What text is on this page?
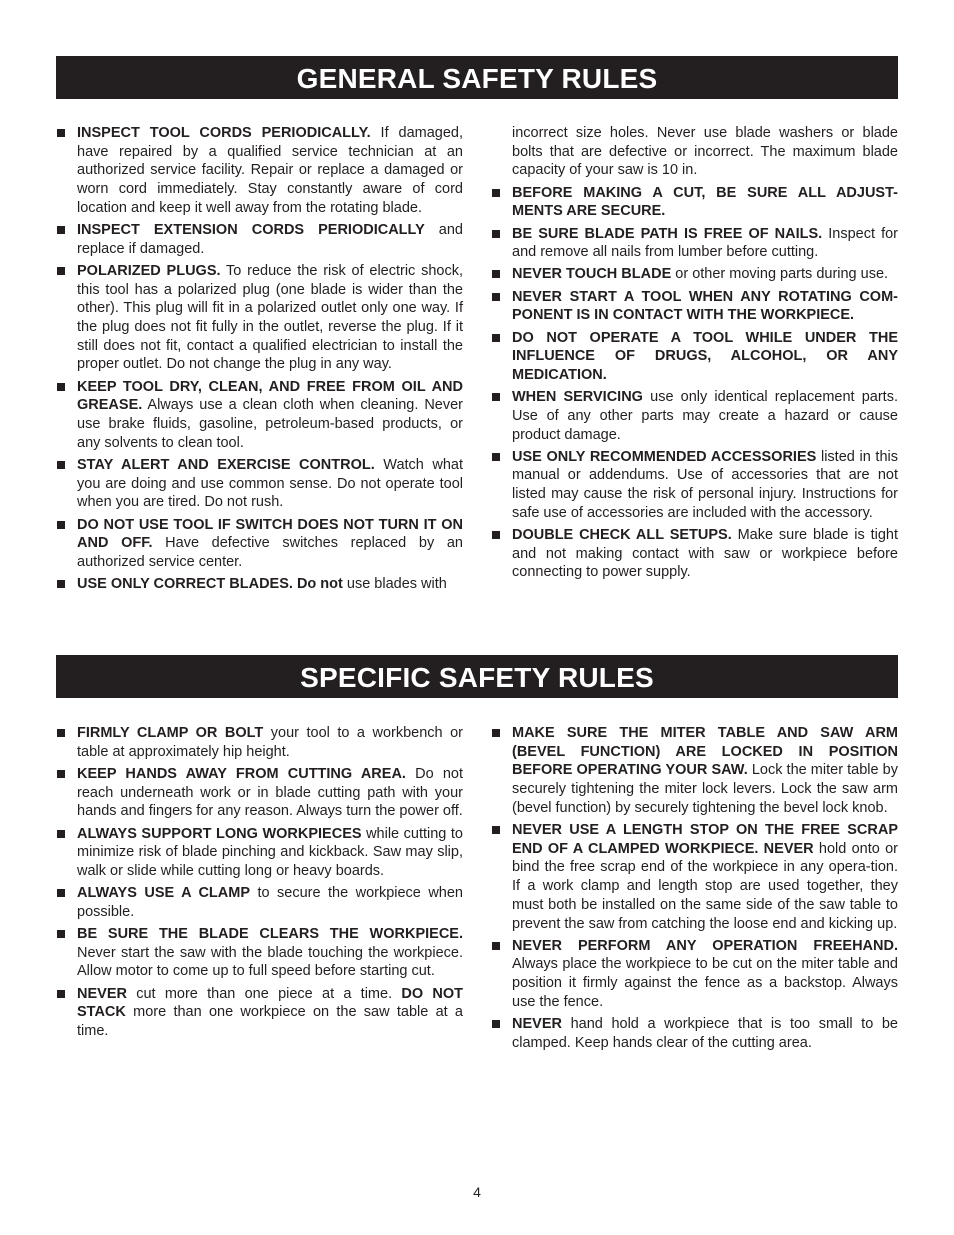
GENERAL SAFETY RULES
INSPECT TOOL CORDS PERIODICALLY. If damaged, have repaired by a qualified service technician at an authorized service facility. Repair or replace a damaged or worn cord immediately. Stay constantly aware of cord location and keep it well away from the rotating blade.
INSPECT EXTENSION CORDS PERIODICALLY and replace if damaged.
POLARIZED PLUGS. To reduce the risk of electric shock, this tool has a polarized plug (one blade is wider than the other). This plug will fit in a polarized outlet only one way. If the plug does not fit fully in the outlet, reverse the plug. If it still does not fit, contact a qualified electrician to install the proper outlet. Do not change the plug in any way.
KEEP TOOL DRY, CLEAN, AND FREE FROM OIL AND GREASE. Always use a clean cloth when cleaning. Never use brake fluids, gasoline, petroleum-based products, or any solvents to clean tool.
STAY ALERT AND EXERCISE CONTROL. Watch what you are doing and use common sense. Do not operate tool when you are tired. Do not rush.
DO NOT USE TOOL IF SWITCH DOES NOT TURN IT ON AND OFF. Have defective switches replaced by an authorized service center.
USE ONLY CORRECT BLADES. Do not use blades with
incorrect size holes. Never use blade washers or blade bolts that are defective or incorrect. The maximum blade capacity of your saw is 10 in.
BEFORE MAKING A CUT, BE SURE ALL ADJUST-MENTS ARE SECURE.
BE SURE BLADE PATH IS FREE OF NAILS. Inspect for and remove all nails from lumber before cutting.
NEVER TOUCH BLADE or other moving parts during use.
NEVER START A TOOL WHEN ANY ROTATING COM-PONENT IS IN CONTACT WITH THE WORKPIECE.
DO NOT OPERATE A TOOL WHILE UNDER THE INFLUENCE OF DRUGS, ALCOHOL, OR ANY MEDICATION.
WHEN SERVICING use only identical replacement parts. Use of any other parts may create a hazard or cause product damage.
USE ONLY RECOMMENDED ACCESSORIES listed in this manual or addendums. Use of accessories that are not listed may cause the risk of personal injury. Instructions for safe use of accessories are included with the accessory.
DOUBLE CHECK ALL SETUPS. Make sure blade is tight and not making contact with saw or workpiece before connecting to power supply.
SPECIFIC SAFETY RULES
FIRMLY CLAMP OR BOLT your tool to a workbench or table at approximately hip height.
KEEP HANDS AWAY FROM CUTTING AREA. Do not reach underneath work or in blade cutting path with your hands and fingers for any reason. Always turn the power off.
ALWAYS SUPPORT LONG WORKPIECES while cutting to minimize risk of blade pinching and kickback. Saw may slip, walk or slide while cutting long or heavy boards.
ALWAYS USE A CLAMP to secure the workpiece when possible.
BE SURE THE BLADE CLEARS THE WORKPIECE. Never start the saw with the blade touching the workpiece. Allow motor to come up to full speed before starting cut.
NEVER cut more than one piece at a time. DO NOT STACK more than one workpiece on the saw table at a time.
MAKE SURE THE MITER TABLE AND SAW ARM (BEVEL FUNCTION) ARE LOCKED IN POSITION BEFORE OPERATING YOUR SAW. Lock the miter table by securely tightening the miter lock levers. Lock the saw arm (bevel function) by securely tightening the bevel lock knob.
NEVER USE A LENGTH STOP ON THE FREE SCRAP END OF A CLAMPED WORKPIECE. NEVER hold onto or bind the free scrap end of the workpiece in any opera-tion. If a work clamp and length stop are used together, they must both be installed on the same side of the saw table to prevent the saw from catching the loose end and kicking up.
NEVER PERFORM ANY OPERATION FREEHAND. Always place the workpiece to be cut on the miter table and position it firmly against the fence as a backstop. Always use the fence.
NEVER hand hold a workpiece that is too small to be clamped. Keep hands clear of the cutting area.
4
